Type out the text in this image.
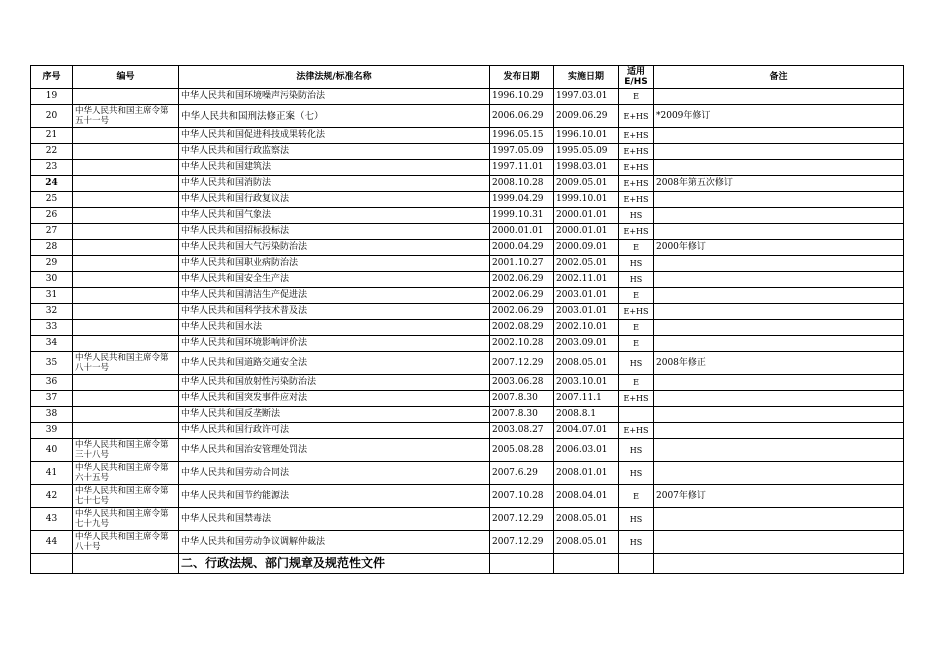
序号	编号	法律法规/标准名称	发布日期	实施日期	适用E/HS	备注
19		中华人民共和国环境噪声污染防治法	1996.10.29	1997.03.01	E	
20	中华人民共和国主席令第五十一号	中华人民共和国刑法修正案（七）	2006.06.29	2009.06.29	E+HS	*2009年修订
21		中华人民共和国促进科技成果转化法	1996.05.15	1996.10.01	E+HS	
22		中华人民共和国行政监察法	1997.05.09	1995.05.09	E+HS	
23		中华人民共和国建筑法	1997.11.01	1998.03.01	E+HS	
24		中华人民共和国消防法	2008.10.28	2009.05.01	E+HS	2008年第五次修订
25		中华人民共和国行政复议法	1999.04.29	1999.10.01	E+HS	
26		中华人民共和国气象法	1999.10.31	2000.01.01	HS	
27		中华人民共和国招标投标法	2000.01.01	2000.01.01	E+HS	
28		中华人民共和国大气污染防治法	2000.04.29	2000.09.01	E	2000年修订
29		中华人民共和国职业病防治法	2001.10.27	2002.05.01	HS	
30		中华人民共和国安全生产法	2002.06.29	2002.11.01	HS	
31		中华人民共和国清洁生产促进法	2002.06.29	2003.01.01	E	
32		中华人民共和国科学技术普及法	2002.06.29	2003.01.01	E+HS	
33		中华人民共和国水法	2002.08.29	2002.10.01	E	
34		中华人民共和国环境影响评价法	2002.10.28	2003.09.01	E	
35	中华人民共和国主席令第八十一号	中华人民共和国道路交通安全法	2007.12.29	2008.05.01	HS	2008年修正
36		中华人民共和国放射性污染防治法	2003.06.28	2003.10.01	E	
37		中华人民共和国突发事件应对法	2007.8.30	2007.11.1	E+HS	
38		中华人民共和国反垄断法	2007.8.30	2008.8.1		
39		中华人民共和国行政许可法	2003.08.27	2004.07.01	E+HS	
40	中华人民共和国主席令第三十八号	中华人民共和国治安管理处罚法	2005.08.28	2006.03.01	HS	
41	中华人民共和国主席令第六十五号	中华人民共和国劳动合同法	2007.6.29	2008.01.01	HS	
42	中华人民共和国主席令第七十七号	中华人民共和国节约能源法	2007.10.28	2008.04.01	E	2007年修订
43	中华人民共和国主席令第七十九号	中华人民共和国禁毒法	2007.12.29	2008.05.01	HS	
44	中华人民共和国主席令第八十号	中华人民共和国劳动争议调解仲裁法	2007.12.29	2008.05.01	HS	
		二、行政法规、部门规章及规范性文件				
